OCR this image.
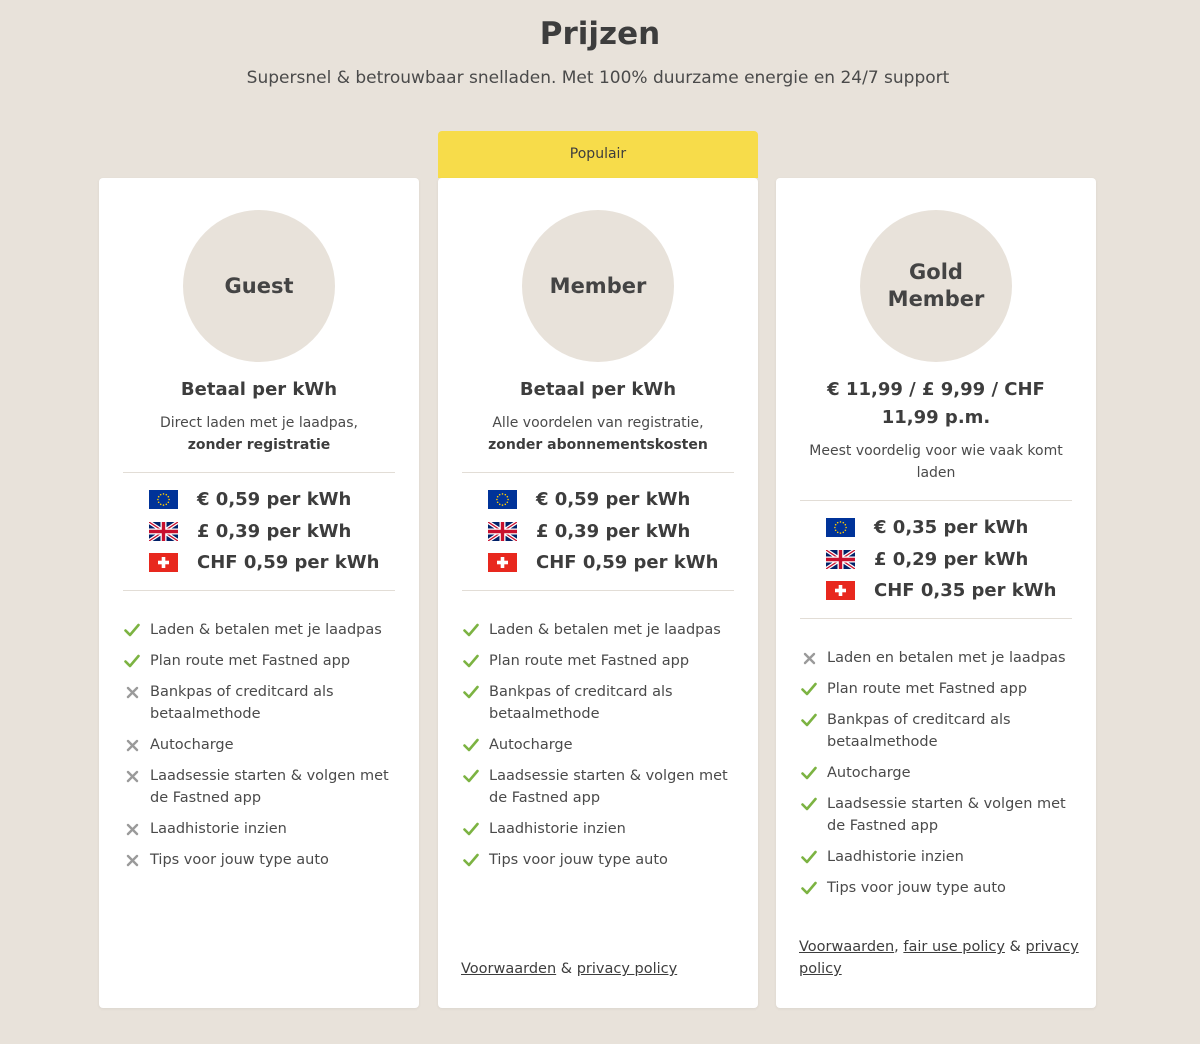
Prijzen

Supersnel & betrouwbaar snelladen. Met 100% duurzame energie en 24/7 support

Populair
Guest

Betaal per kWh

Direct laden met je laadpas,
zonder registratie
€ 0,59 per kWh
£ 0,39 per kWh
CHF 0,59 per kWh
Laden & betalen met je laadpas
Plan route met Fastned app
Bankpas of creditcard als betaalmethode
Autocharge
Laadsessie starten & volgen met de Fastned app
Laadhistorie inzien
Tips voor jouw type auto
Member

Betaal per kWh

Alle voordelen van registratie,
zonder abonnementskosten
€ 0,59 per kWh
£ 0,39 per kWh
CHF 0,59 per kWh
Laden & betalen met je laadpas
Plan route met Fastned app
Bankpas of creditcard als betaalmethode
Autocharge
Laadsessie starten & volgen met de Fastned app
Laadhistorie inzien
Tips voor jouw type auto

Voorwaarden & privacy policy

Gold Member

€ 11,99 / £ 9,99 / CHF 11,99 p.m.

Meest voordelig voor wie vaak komt laden
€ 0,35 per kWh
£ 0,29 per kWh
CHF 0,35 per kWh
Laden en betalen met je laadpas
Plan route met Fastned app
Bankpas of creditcard als betaalmethode
Autocharge
Laadsessie starten & volgen met de Fastned app
Laadhistorie inzien
Tips voor jouw type auto

Voorwaarden, fair use policy & privacy policy
